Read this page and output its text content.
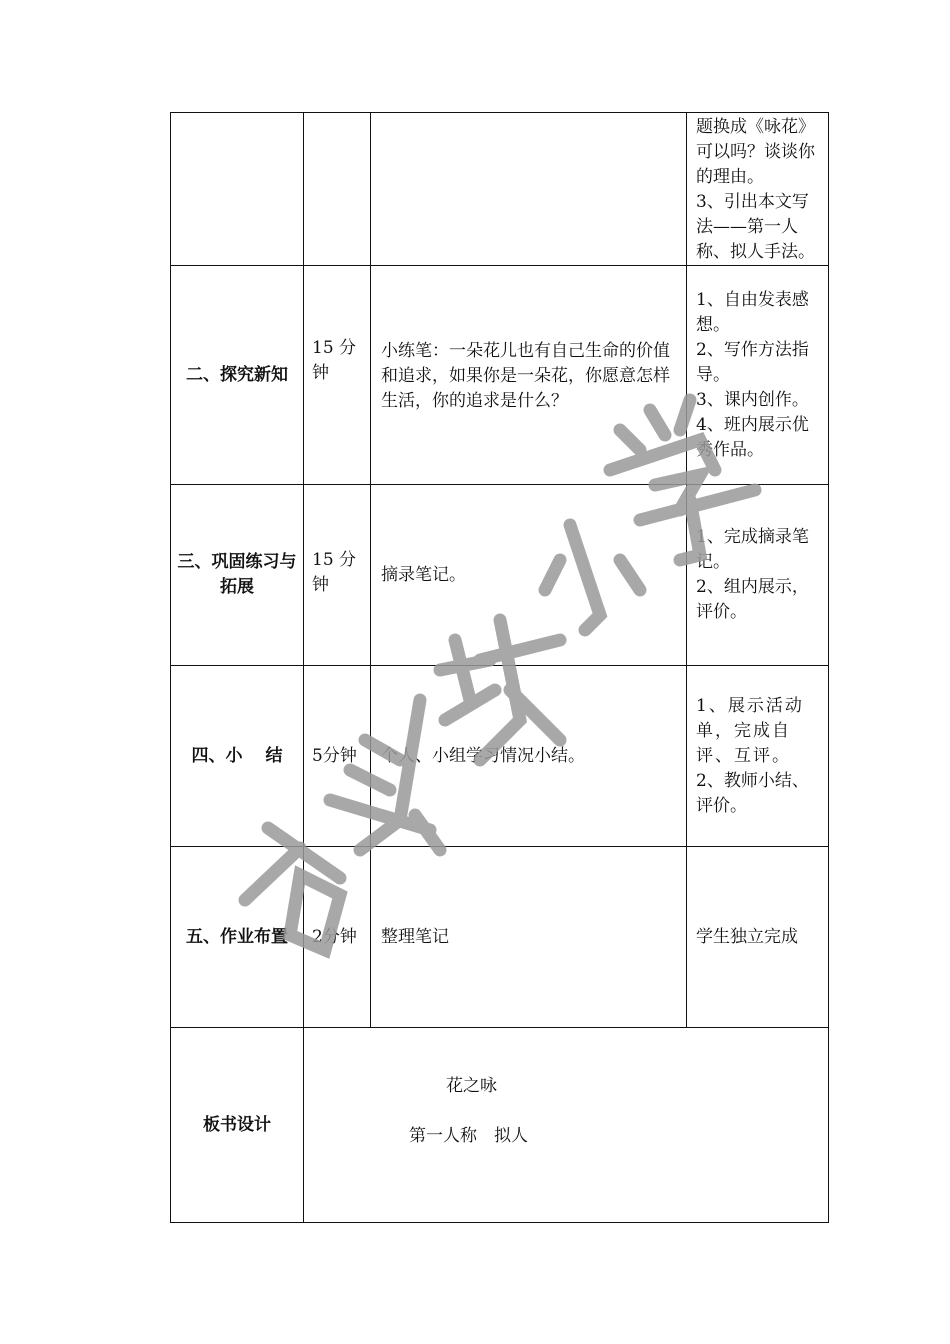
			题换成《咏花》可以吗？谈谈你的理由。
3、引出本文写法——第一人称、拟人手法。

二、探究新知	15 分钟	小练笔：一朵花儿也有自己生命的价值和追求，如果你是一朵花，你愿意怎样生活，你的追求是什么？	1、自由发表感想。
2、写作方法指导。
3、课内创作。
4、班内展示优秀作品。

三、巩固练习与拓展	15 分钟	摘录笔记。	1、完成摘录笔记。
2、组内展示，评价。

四、小　 结	5分钟	个人、小组学习情况小结。	1、展示活动单，完成自评、互评。
2、教师小结、评价。

五、作业布置	2分钟	整理笔记	学生独立完成

板书设计	花之咏
第一人称　拟人		
